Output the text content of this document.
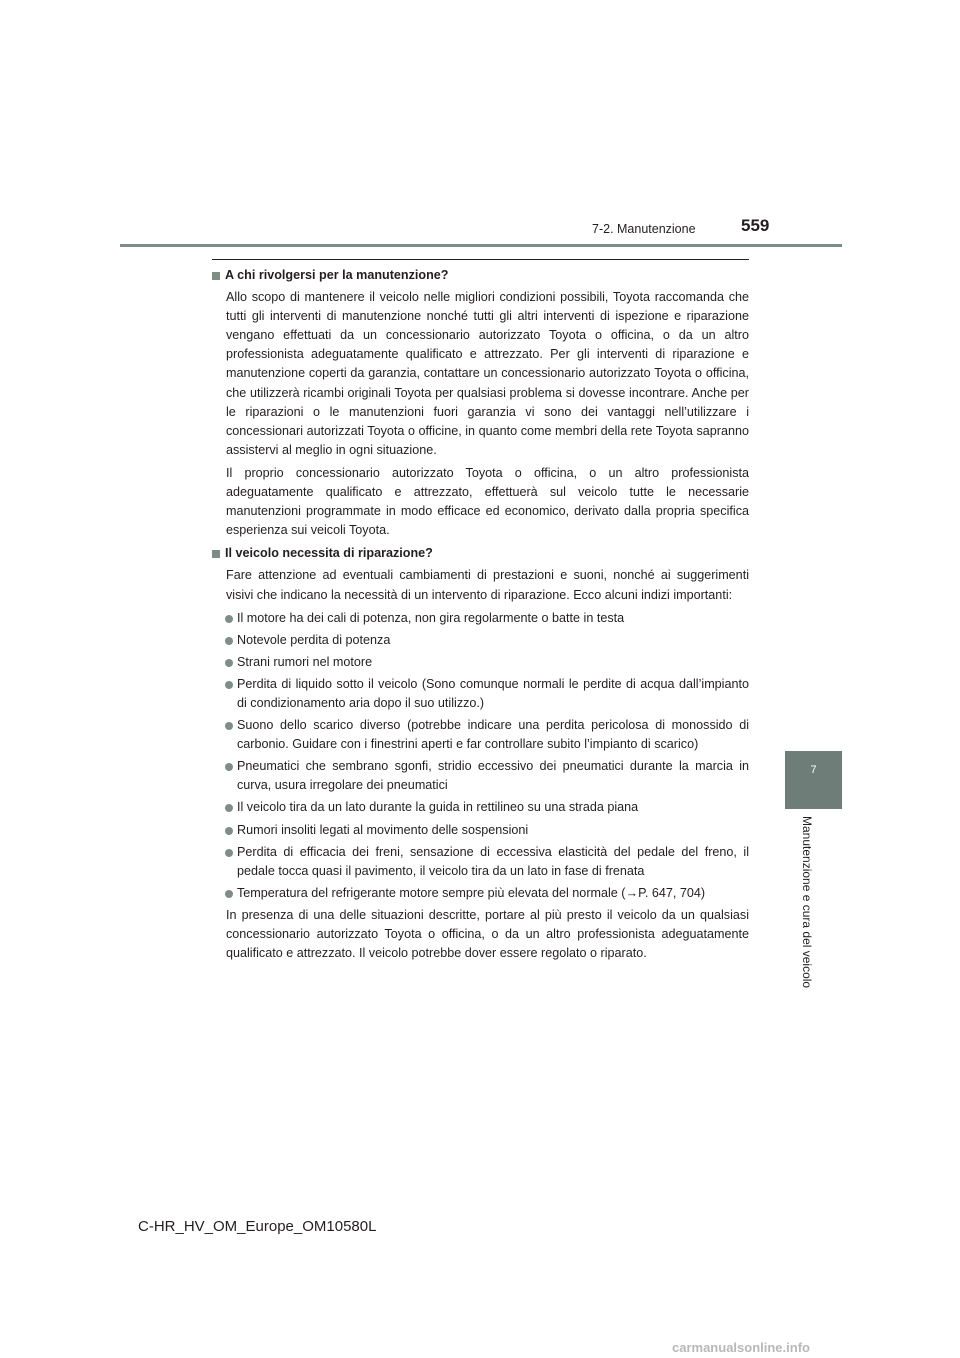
7-2. Manutenzione	559
7
Manutenzione e cura del veicolo
A chi rivolgersi per la manutenzione?

Allo scopo di mantenere il veicolo nelle migliori condizioni possibili, Toyota raccomanda che tutti gli interventi di manutenzione nonché tutti gli altri interventi di ispezione e riparazione vengano effettuati da un concessionario autorizzato Toyota o officina, o da un altro professionista adeguatamente qualificato e attrezzato. Per gli interventi di riparazione e manutenzione coperti da garanzia, contattare un concessionario autorizzato Toyota o officina, che utilizzerà ricambi originali Toyota per qualsiasi problema si dovesse incontrare. Anche per le riparazioni o le manutenzioni fuori garanzia vi sono dei vantaggi nell’utilizzare i concessionari autorizzati Toyota o officine, in quanto come membri della rete Toyota sapranno assistervi al meglio in ogni situazione.

Il proprio concessionario autorizzato Toyota o officina, o un altro professionista adeguatamente qualificato e attrezzato, effettuerà sul veicolo tutte le necessarie manutenzioni programmate in modo efficace ed economico, derivato dalla propria specifica esperienza sui veicoli Toyota.

Il veicolo necessita di riparazione?

Fare attenzione ad eventuali cambiamenti di prestazioni e suoni, nonché ai suggerimenti visivi che indicano la necessità di un intervento di riparazione. Ecco alcuni indizi importanti:

Il motore ha dei cali di potenza, non gira regolarmente o batte in testa
Notevole perdita di potenza
Strani rumori nel motore
Perdita di liquido sotto il veicolo (Sono comunque normali le perdite di acqua dall’impianto di condizionamento aria dopo il suo utilizzo.)
Suono dello scarico diverso (potrebbe indicare una perdita pericolosa di monossido di carbonio. Guidare con i finestrini aperti e far controllare subito l’impianto di scarico)
Pneumatici che sembrano sgonfi, stridio eccessivo dei pneumatici durante la marcia in curva, usura irregolare dei pneumatici
Il veicolo tira da un lato durante la guida in rettilineo su una strada piana
Rumori insoliti legati al movimento delle sospensioni
Perdita di efficacia dei freni, sensazione di eccessiva elasticità del pedale del freno, il pedale tocca quasi il pavimento, il veicolo tira da un lato in fase di frenata
Temperatura del refrigerante motore sempre più elevata del normale (→P. 647, 704)

In presenza di una delle situazioni descritte, portare al più presto il veicolo da un qualsiasi concessionario autorizzato Toyota o officina, o da un altro professionista adeguatamente qualificato e attrezzato. Il veicolo potrebbe dover essere regolato o riparato.

C-HR_HV_OM_Europe_OM10580L
carmanualsonline.info
